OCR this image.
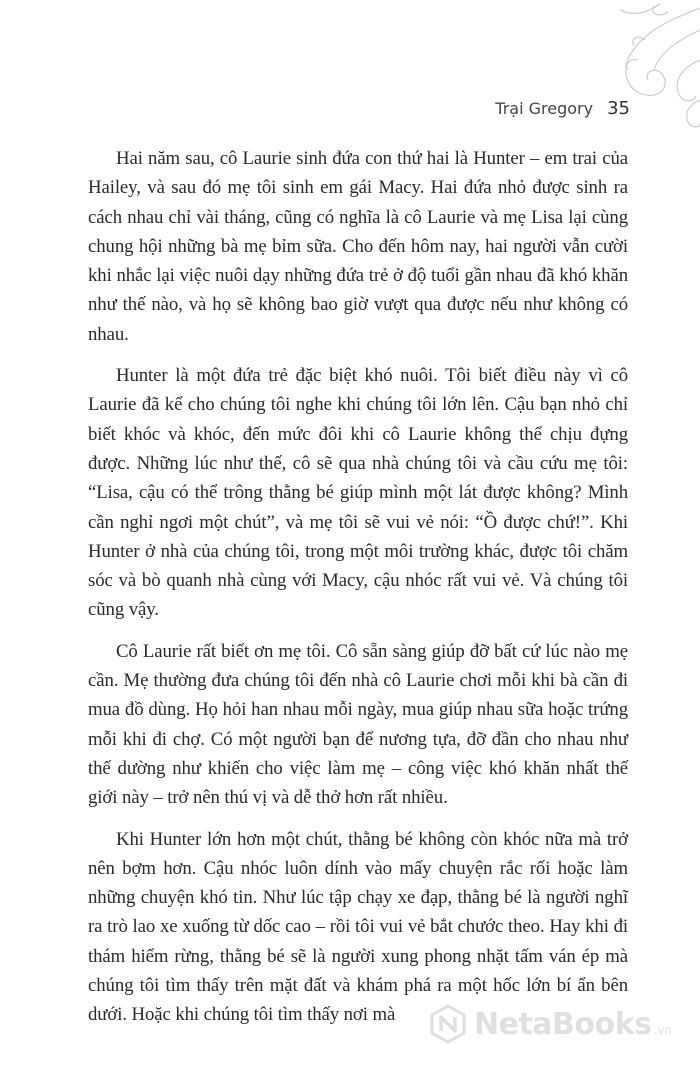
Trại Gregory 35

Hai năm sau, cô Laurie sinh đứa con thứ hai là Hunter – em trai của Hailey, và sau đó mẹ tôi sinh em gái Macy. Hai đứa nhỏ được sinh ra cách nhau chỉ vài tháng, cũng có nghĩa là cô Laurie và mẹ Lisa lại cùng chung hội những bà mẹ bỉm sữa. Cho đến hôm nay, hai người vẫn cười khi nhắc lại việc nuôi dạy những đứa trẻ ở độ tuổi gần nhau đã khó khăn như thế nào, và họ sẽ không bao giờ vượt qua được nếu như không có nhau.

Hunter là một đứa trẻ đặc biệt khó nuôi. Tôi biết điều này vì cô Laurie đã kể cho chúng tôi nghe khi chúng tôi lớn lên. Cậu bạn nhỏ chỉ biết khóc và khóc, đến mức đôi khi cô Laurie không thể chịu đựng được. Những lúc như thế, cô sẽ qua nhà chúng tôi và cầu cứu mẹ tôi: “Lisa, cậu có thể trông thằng bé giúp mình một lát được không? Mình cần nghỉ ngơi một chút”, và mẹ tôi sẽ vui vẻ nói: “Ồ được chứ!”. Khi Hunter ở nhà của chúng tôi, trong một môi trường khác, được tôi chăm sóc và bò quanh nhà cùng với Macy, cậu nhóc rất vui vẻ. Và chúng tôi cũng vậy.

Cô Laurie rất biết ơn mẹ tôi. Cô sẵn sàng giúp đỡ bất cứ lúc nào mẹ cần. Mẹ thường đưa chúng tôi đến nhà cô Laurie chơi mỗi khi bà cần đi mua đồ dùng. Họ hỏi han nhau mỗi ngày, mua giúp nhau sữa hoặc trứng mỗi khi đi chợ. Có một người bạn để nương tựa, đỡ đần cho nhau như thế dường như khiến cho việc làm mẹ – công việc khó khăn nhất thế giới này – trở nên thú vị và dễ thở hơn rất nhiều.

Khi Hunter lớn hơn một chút, thằng bé không còn khóc nữa mà trở nên bợm hơn. Cậu nhóc luôn dính vào mấy chuyện rắc rối hoặc làm những chuyện khó tin. Như lúc tập chạy xe đạp, thằng bé là người nghĩ ra trò lao xe xuống từ dốc cao – rồi tôi vui vẻ bắt chước theo. Hay khi đi thám hiểm rừng, thằng bé sẽ là người xung phong nhặt tấm ván ép mà chúng tôi tìm thấy trên mặt đất và khám phá ra một hốc lớn bí ẩn bên dưới. Hoặc khi chúng tôi tìm thấy nơi mà	NetaBooks .vn
